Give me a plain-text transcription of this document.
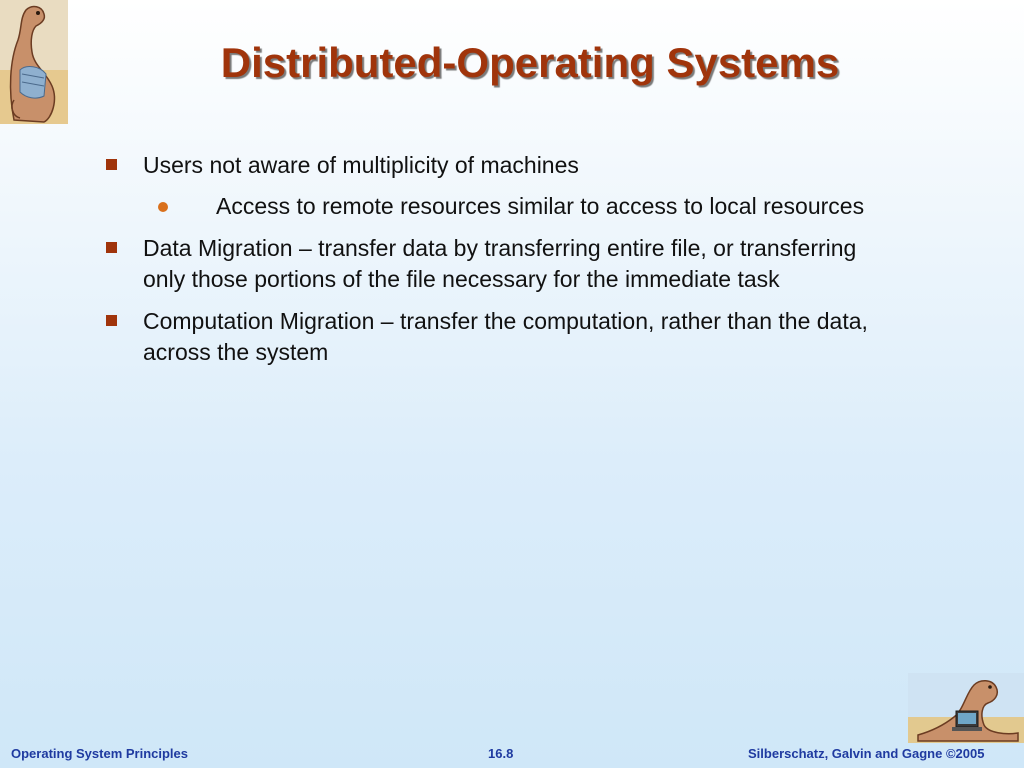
Distributed-Operating Systems
Users not aware of multiplicity of machines
Access to remote resources similar to access to local resources
Data Migration – transfer data by transferring entire file, or transferring only those portions of the file necessary for the immediate task
Computation Migration – transfer the computation, rather than the data, across the system

Operating System Principles	16.8	Silberschatz, Galvin and Gagne ©2005
